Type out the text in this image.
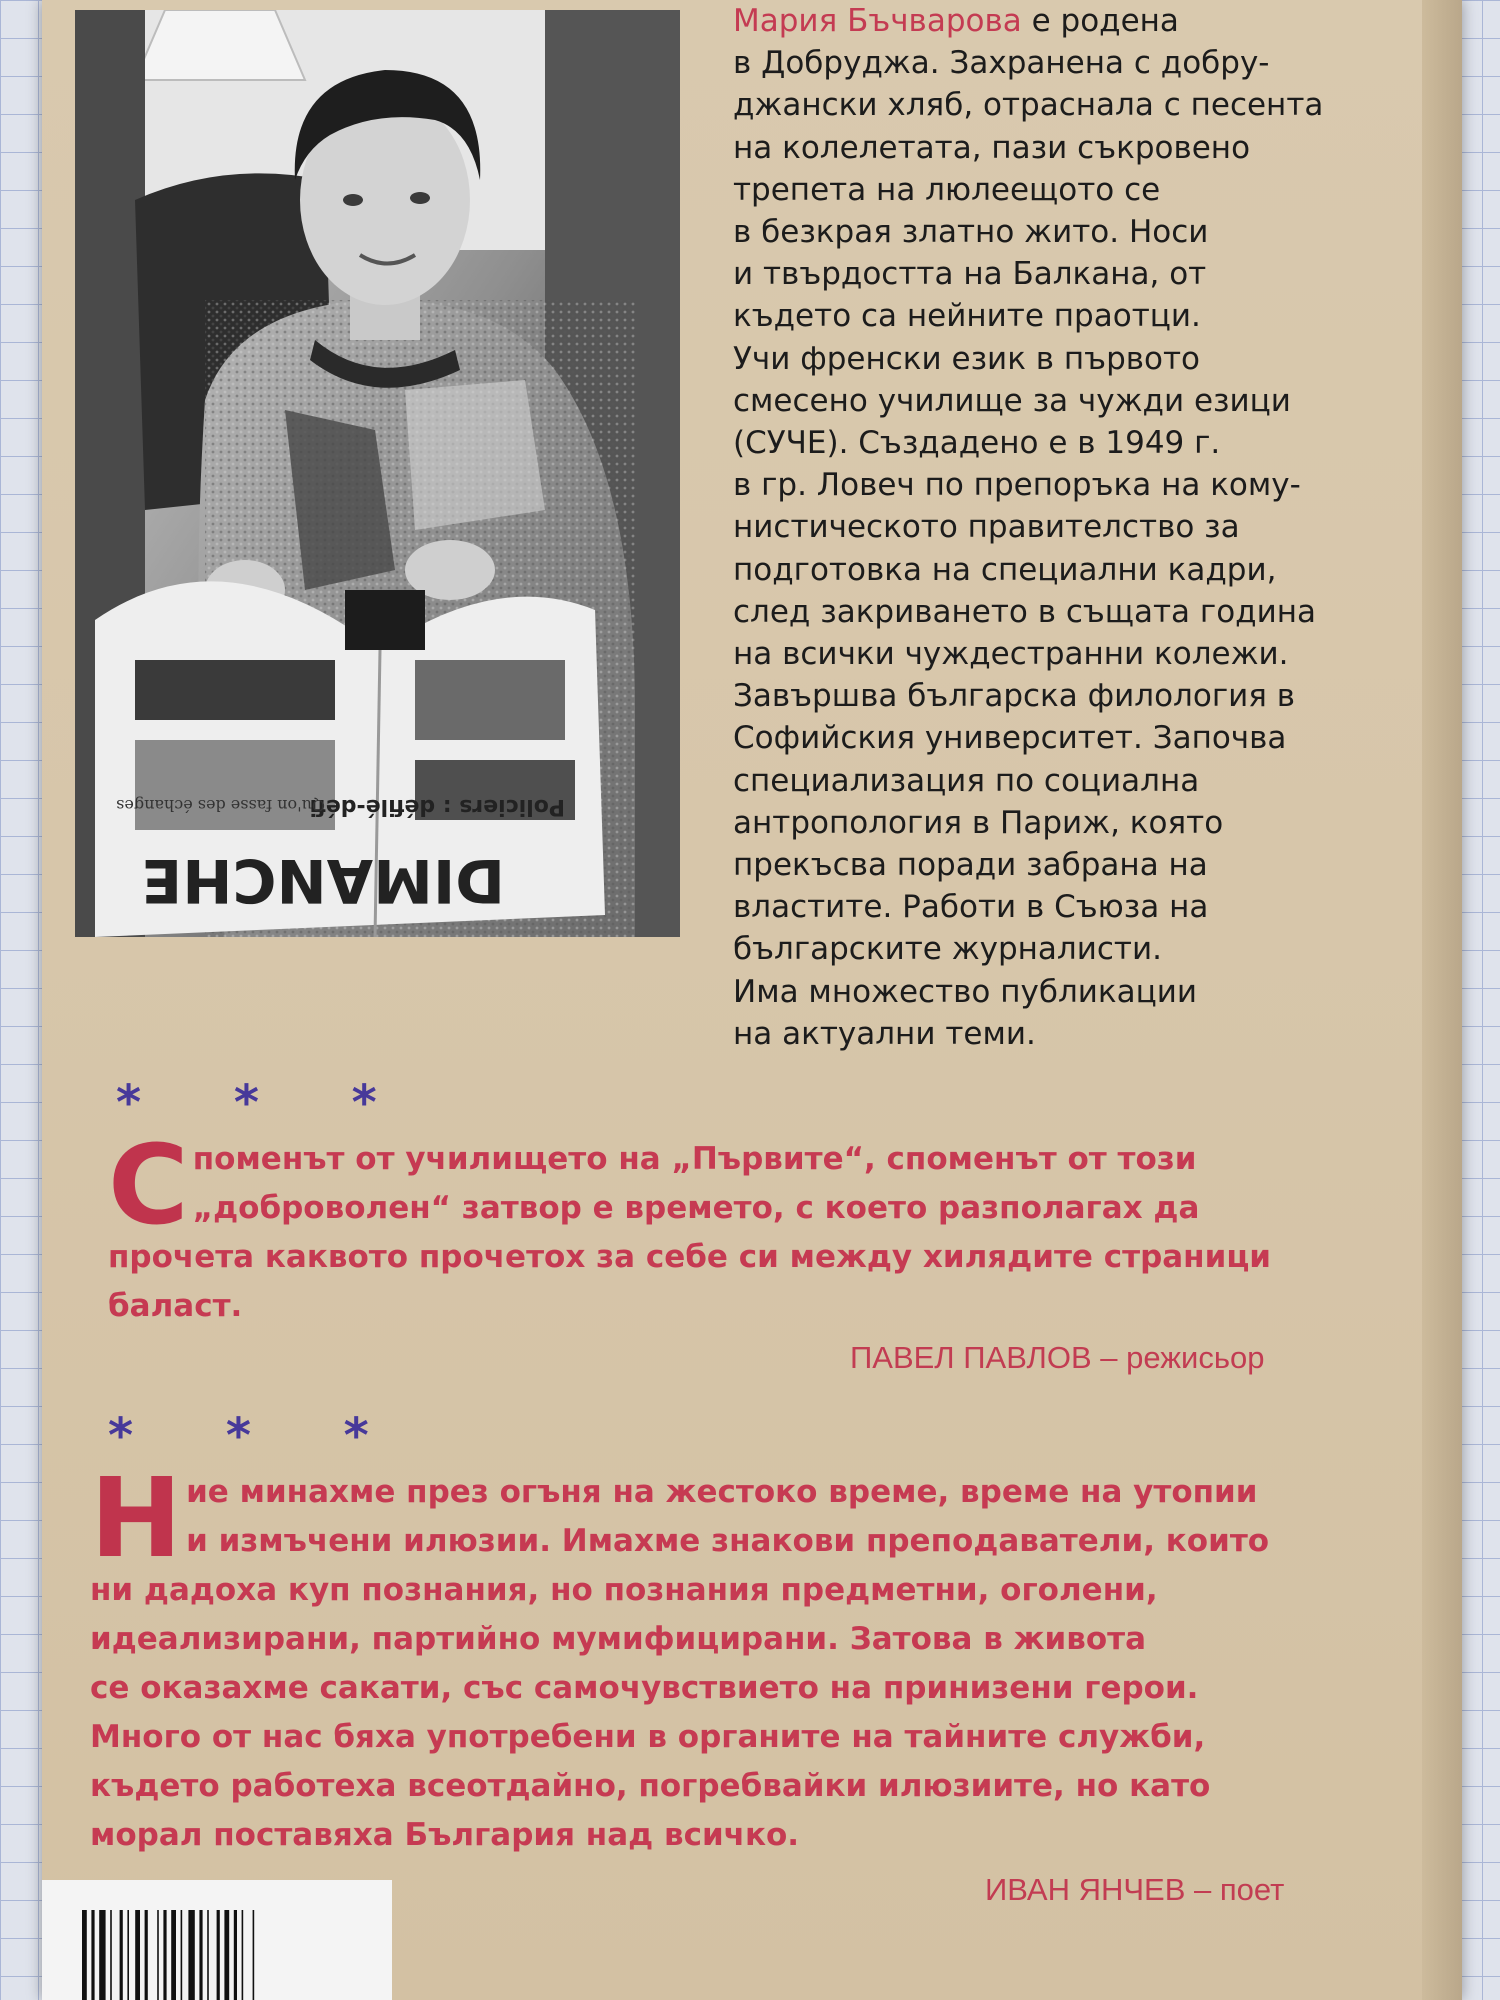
DIMANCHE
Policiers : défilé-défi
Qu'on fasse des échanges
Мария Бъчварова е родена
в Добруджа. Захранена с добру-
джански хляб, отраснала с песента
на колелетата, пази съкровено
трепета на люлеещото се
в безкрая златно жито. Носи
и твърдостта на Балкана, от
където са нейните праотци.
Учи френски език в първото
смесено училище за чужди езици
(СУЧЕ). Създадено е в 1949 г.
в гр. Ловеч по препоръка на кому-
нистическото правителство за
подготовка на специални кадри,
след закриването в същата година
на всички чуждестранни колежи.
Завършва българска филология в
Софийския университет. Започва
специализация по социална
антропология в Париж, която
прекъсва поради забрана на
властите. Работи в Съюза на
българските журналисти.
Има множество публикации
на актуални теми.
* * *
С поменът от училището на „Първите“, споменът от този
„доброволен“ затвор е времето, с което разполагах да
прочета каквото прочетох за себе си между хилядите страници
баласт.
ПАВЕЛ ПАВЛОВ – режисьор
* * *
Н ие минахме през огъня на жестоко време, време на утопии
и измъчени илюзии. Имахме знакови преподаватели, които
ни дадоха куп познания, но познания предметни, оголени,
идеализирани, партийно мумифицирани. Затова в живота
се оказахме сакати, със самочувствието на принизени герои.
Много от нас бяха употребени в органите на тайните служби,
където работеха всеотдайно, погребвайки илюзиите, но като
морал поставяха България над всичко.
ИВАН ЯНЧЕВ – поет
